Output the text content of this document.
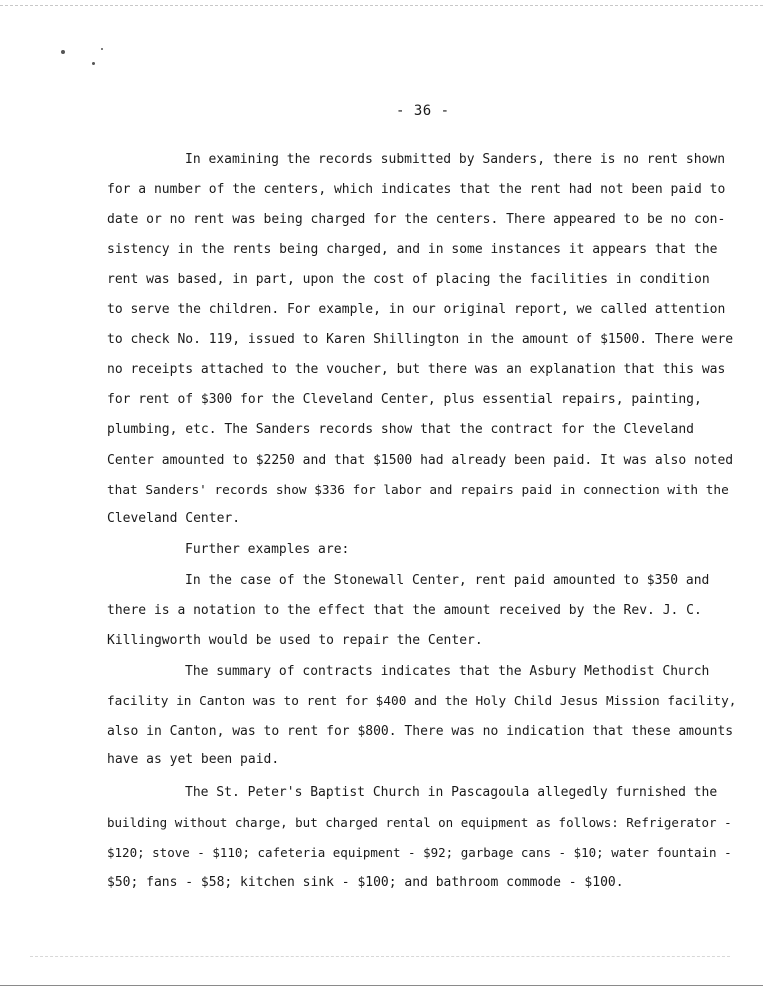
- 36 -
In examining the records submitted by Sanders, there is no rent shown
for a number of the centers, which indicates that the rent had not been paid to
date or no rent was being charged for the centers. There appeared to be no con-
sistency in the rents being charged, and in some instances it appears that the
rent was based, in part, upon the cost of placing the facilities in condition
to serve the children. For example, in our original report, we called attention
to check No. 119, issued to Karen Shillington in the amount of $1500. There were
no receipts attached to the voucher, but there was an explanation that this was
for rent of $300 for the Cleveland Center, plus essential repairs, painting,
plumbing, etc. The Sanders records show that the contract for the Cleveland
Center amounted to $2250 and that $1500 had already been paid. It was also noted
that Sanders' records show $336 for labor and repairs paid in connection with the
Cleveland Center.
Further examples are:
In the case of the Stonewall Center, rent paid amounted to $350 and
there is a notation to the effect that the amount received by the Rev. J. C.
Killingworth would be used to repair the Center.
The summary of contracts indicates that the Asbury Methodist Church
facility in Canton was to rent for $400 and the Holy Child Jesus Mission facility,
also in Canton, was to rent for $800. There was no indication that these amounts
have as yet been paid.
The St. Peter's Baptist Church in Pascagoula allegedly furnished the
building without charge, but charged rental on equipment as follows: Refrigerator -
$120; stove - $110; cafeteria equipment - $92; garbage cans - $10; water fountain -
$50; fans - $58; kitchen sink - $100; and bathroom commode - $100.
